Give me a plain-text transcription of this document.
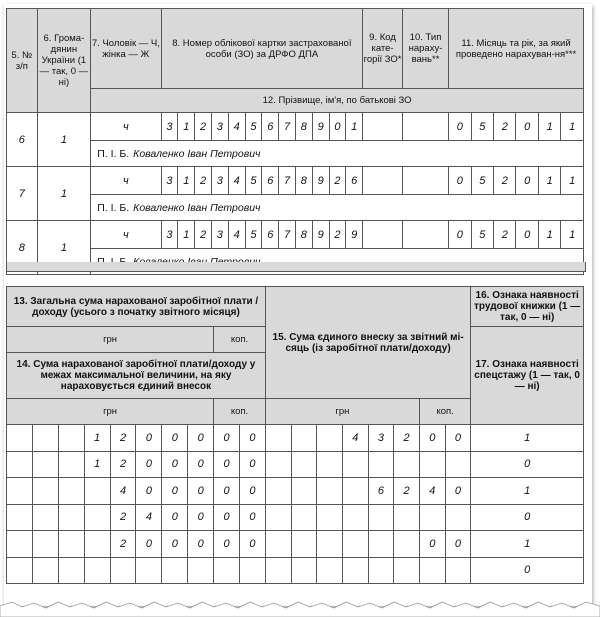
5. № з/п	6. Грома-дянин України (1 — так, 0 — ні)	7. Чоловік — Ч, жінка — Ж	8. Номер облікової картки застрахованої особи (ЗО) за ДРФО ДПА												9. Код кате-горії ЗО*	10. Тип нараху-вань**	11. Місяць та рік, за який проведено нарахуван-ня***					
		12. Прізвище, ім'я, по батькові ЗО																				
6	1	ч	3	1	2	3	4	5	6	7	8	9	0	1			0	5	2	0	1	1
		П. І. Б. Коваленко Іван Петрович																				
7	1	ч	3	1	2	3	4	5	6	7	8	9	2	6			0	5	2	0	1	1
		П. І. Б. Коваленко Іван Петрович																				
8	1	ч	3	1	2	3	4	5	6	7	8	9	2	9			0	5	2	0	1	1

13. Загальна сума нарахованої заробітної плати / доходу (усього з початку звітного місяця)										15. Сума єдиного внеску за звітний мі-сяць (із заробітної плати/доходу)								16. Ознака наявності трудової книжки (1 — так, 0 — ні)
грн								коп.										17. Ознака наявності спецстажу (1 — так, 0 — ні)
14. Сума нарахованої заробітної плати/доходу у межах максимальної величини, на яку нараховується єдиний внесок																		
грн								коп.		грн						коп.		
			1	2	0	0	0	0	0				4	3	2	0	0	1
			1	2	0	0	0	0	0									0
				4	0	0	0	0	0					6	2	4	0	1
				2	4	0	0	0	0									0
				2	0	0	0	0	0							0	0	1
																		0
